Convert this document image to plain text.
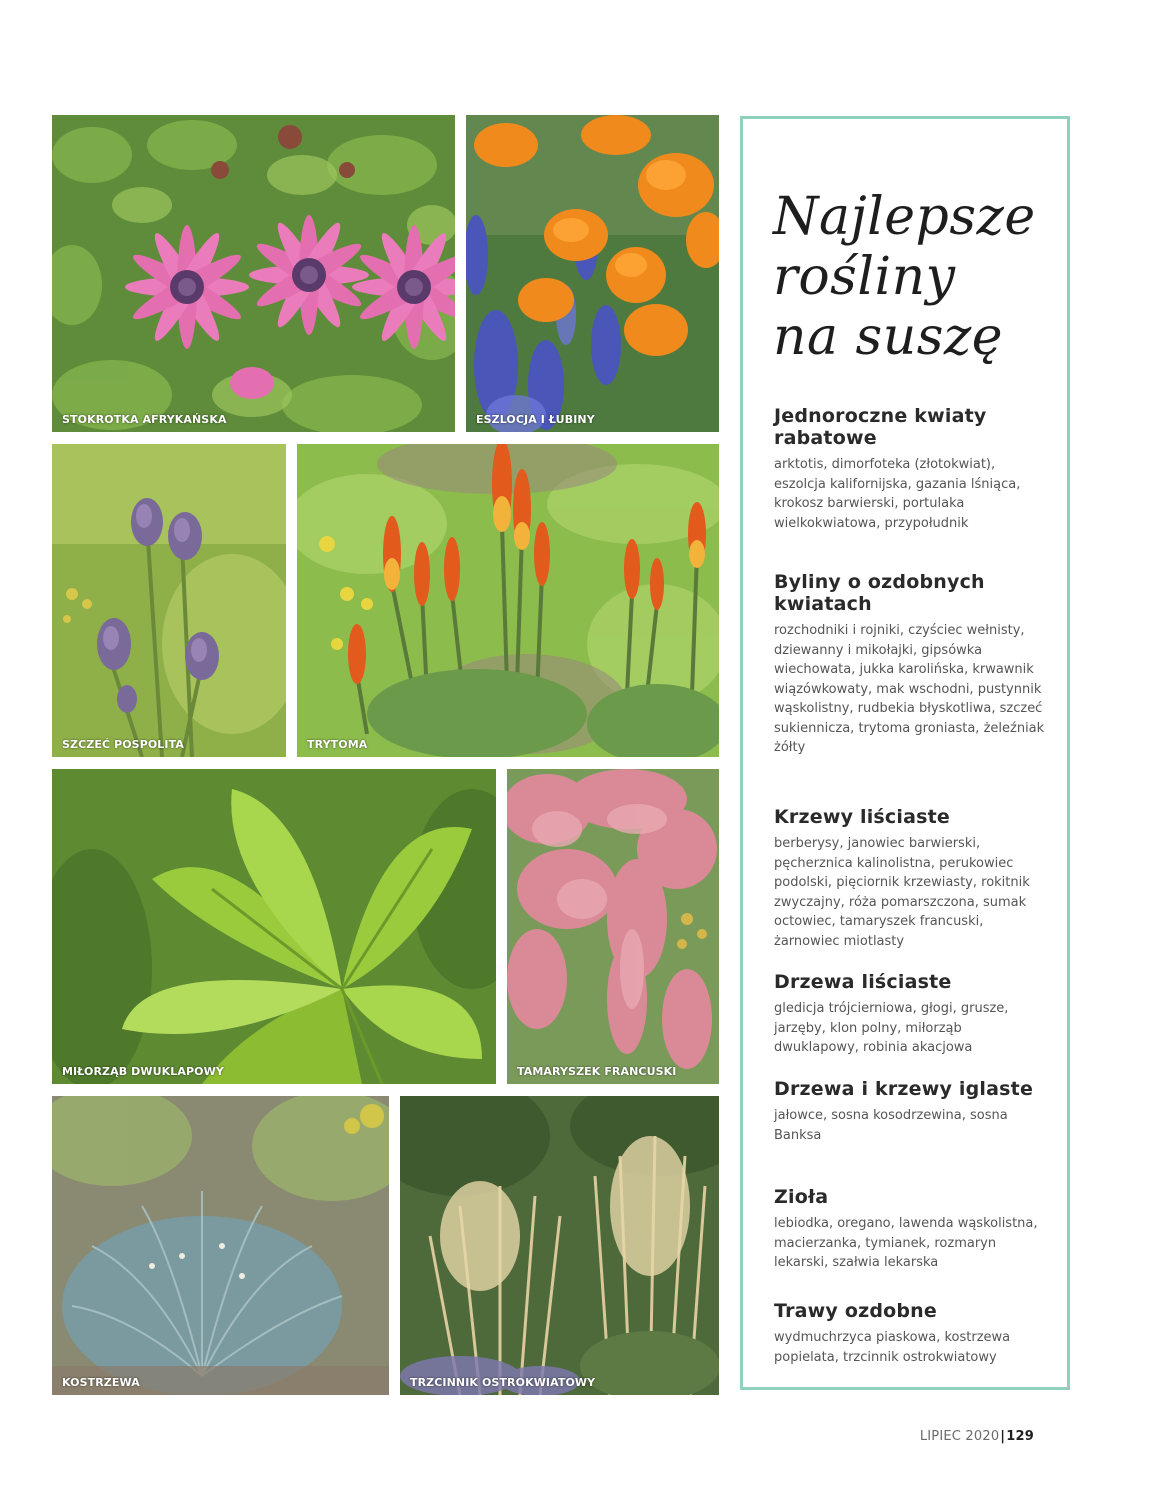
STOKROTKA AFRYKAŃSKA	ESZLOCJA I ŁUBINY
SZCZEĆ POSPOLITA	TRYTOMA
MIŁORZĄB DWUKLAPOWY	TAMARYSZEK FRANCUSKI
KOSTRZEWA	TRZCINNIK OSTROKWIATOWY
Najlepsze
rośliny
na suszę
Jednoroczne kwiaty rabatowe

arktotis, dimorfoteka (złotokwiat), eszolcja kalifornijska, gazania lśniąca, krokosz barwierski, portulaka wielkokwiatowa, przypołudnik

Byliny o ozdobnych kwiatach

rozchodniki i rojniki, czyściec wełnisty, dziewanny i mikołajki, gipsówka wiechowata, jukka karolińska, krwawnik wiązówkowaty, mak wschodni, pustynnik wąskolistny, rudbekia błyskotliwa, szczeć sukiennicza, trytoma groniasta, żeleźniak żółty

Krzewy liściaste

berberysy, janowiec barwierski, pęcherznica kalinolistna, perukowiec podolski, pięciornik krzewiasty, rokitnik zwyczajny, róża pomarszczona, sumak octowiec, tamaryszek francuski, żarnowiec miotlasty

Drzewa liściaste

gledicja trójcierniowa, głogi, grusze, jarzęby, klon polny, miłorząb dwuklapowy, robinia akacjowa

Drzewa i krzewy iglaste

jałowce, sosna kosodrzewina, sosna Banksa

Zioła

lebiodka, oregano, lawenda wąskolistna, macierzanka, tymianek, rozmaryn lekarski, szałwia lekarska

Trawy ozdobne

wydmuchrzyca piaskowa, kostrzewa popielata, trzcinnik ostrokwiatowy

LIPIEC 2020|129
